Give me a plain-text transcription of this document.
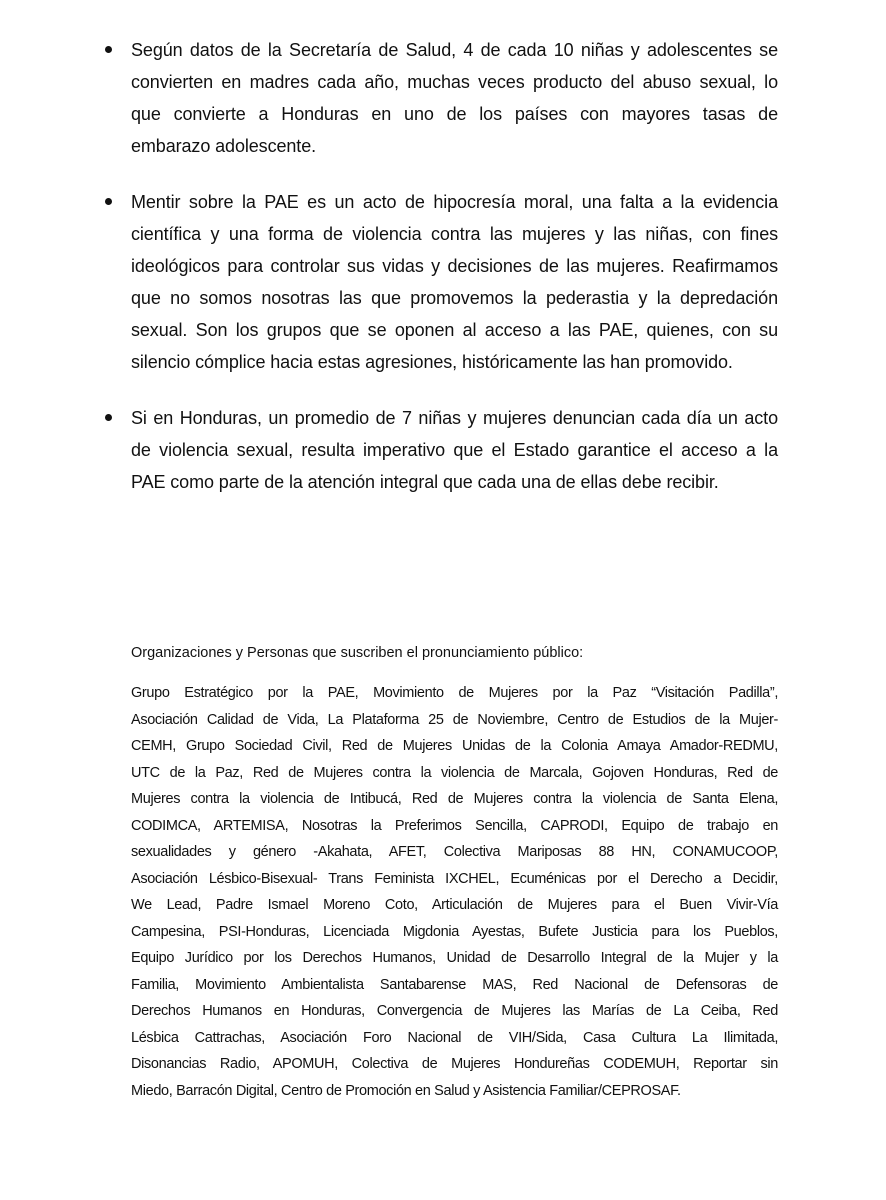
Según datos de la Secretaría de Salud, 4 de cada 10 niñas y adolescentes se
convierten en madres cada año, muchas veces producto del abuso sexual, lo
que convierte a Honduras en uno de los países con mayores tasas de
embarazo adolescente.
Mentir sobre la PAE es un acto de hipocresía moral, una falta a la evidencia
científica y una forma de violencia contra las mujeres y las niñas, con fines
ideológicos para controlar sus vidas y decisiones de las mujeres. Reafirmamos
que no somos nosotras las que promovemos la pederastia y la depredación
sexual. Son los grupos que se oponen al acceso a las PAE, quienes, con su
silencio cómplice hacia estas agresiones, históricamente las han promovido.
Si en Honduras, un promedio de 7 niñas y mujeres denuncian cada día un acto
de violencia sexual, resulta imperativo que el Estado garantice el acceso a la
PAE como parte de la atención integral que cada una de ellas debe recibir.
Organizaciones y Personas que suscriben el pronunciamiento público:
Grupo Estratégico por la PAE, Movimiento de Mujeres por la Paz “Visitación Padilla”,
Asociación Calidad de Vida, La Plataforma 25 de Noviembre, Centro de Estudios de la Mujer-
CEMH, Grupo Sociedad Civil, Red de Mujeres Unidas de la Colonia Amaya Amador-REDMU,
UTC de la Paz, Red de Mujeres contra la violencia de Marcala, Gojoven Honduras, Red de
Mujeres contra la violencia de Intibucá, Red de Mujeres contra la violencia de Santa Elena,
CODIMCA, ARTEMISA, Nosotras la Preferimos Sencilla, CAPRODI, Equipo de trabajo en
sexualidades y género -Akahata, AFET, Colectiva Mariposas 88 HN, CONAMUCOOP,
Asociación Lésbico-Bisexual- Trans Feminista IXCHEL, Ecuménicas por el Derecho a Decidir,
We Lead, Padre Ismael Moreno Coto, Articulación de Mujeres para el Buen Vivir-Vía
Campesina, PSI-Honduras, Licenciada Migdonia Ayestas, Bufete Justicia para los Pueblos,
Equipo Jurídico por los Derechos Humanos, Unidad de Desarrollo Integral de la Mujer y la
Familia, Movimiento Ambientalista Santabarense MAS, Red Nacional de Defensoras de
Derechos Humanos en Honduras, Convergencia de Mujeres las Marías de La Ceiba, Red
Lésbica Cattrachas, Asociación Foro Nacional de VIH/Sida, Casa Cultura La Ilimitada,
Disonancias Radio, APOMUH, Colectiva de Mujeres Hondureñas CODEMUH, Reportar sin
Miedo, Barracón Digital, Centro de Promoción en Salud y Asistencia Familiar/CEPROSAF.
